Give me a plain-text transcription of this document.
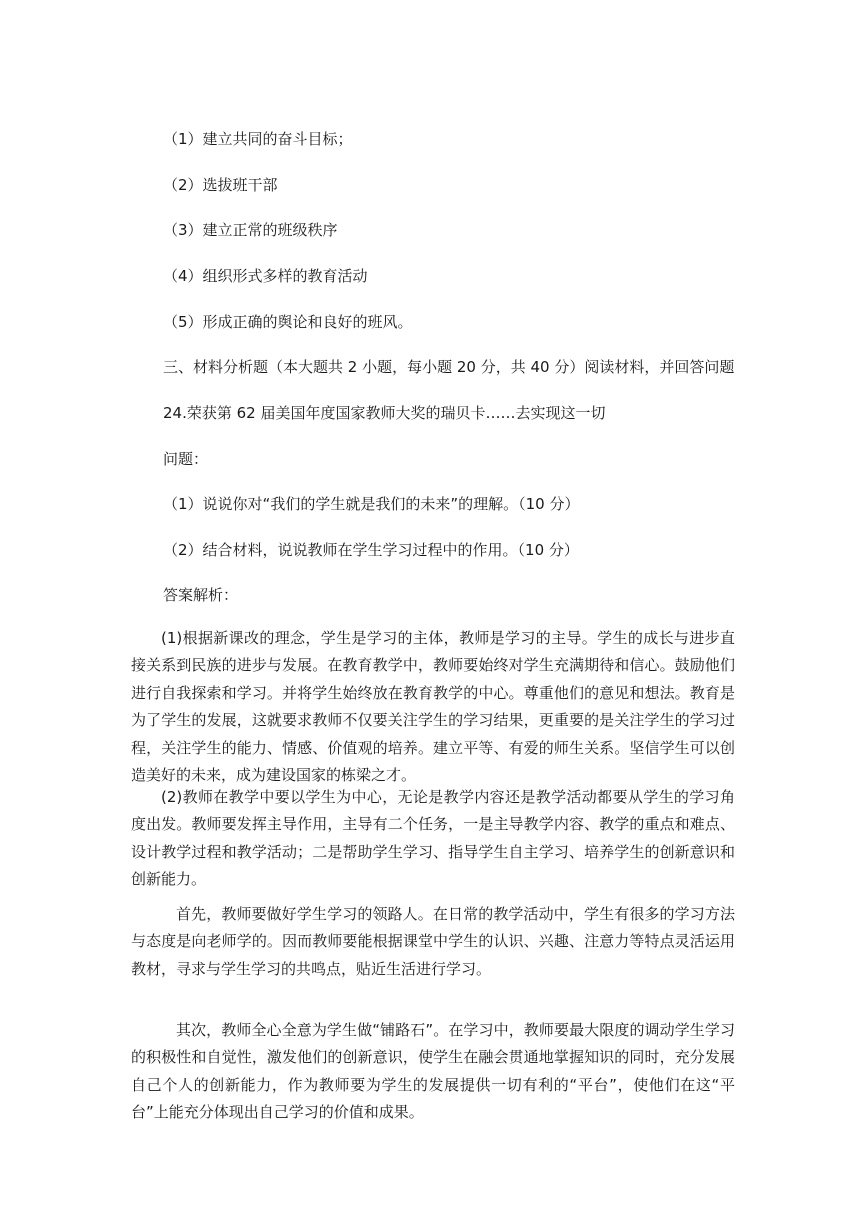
（1）建立共同的奋斗目标；
（2）选拔班干部
（3）建立正常的班级秩序
（4）组织形式多样的教育活动
（5）形成正确的舆论和良好的班风。
三、材料分析题（本大题共 2 小题，每小题 20 分，共 40 分）阅读材料，并回答问题
24.荣获第 62 届美国年度国家教师大奖的瑞贝卡……去实现这一切
问题：
（1）说说你对“我们的学生就是我们的未来”的理解。（10 分）
（2）结合材料，说说教师在学生学习过程中的作用。（10 分）
答案解析：
(1)根据新课改的理念，学生是学习的主体，教师是学习的主导。学生的成长与进步直接关系到民族的进步与发展。在教育教学中，教师要始终对学生充满期待和信心。鼓励他们进行自我探索和学习。并将学生始终放在教育教学的中心。尊重他们的意见和想法。教育是为了学生的发展，这就要求教师不仅要关注学生的学习结果，更重要的是关注学生的学习过程，关注学生的能力、情感、价值观的培养。建立平等、有爱的师生关系。坚信学生可以创造美好的未来，成为建设国家的栋梁之才。
(2)教师在教学中要以学生为中心，无论是教学内容还是教学活动都要从学生的学习角度出发。教师要发挥主导作用，主导有二个任务，一是主导教学内容、教学的重点和难点、设计教学过程和教学活动；二是帮助学生学习、指导学生自主学习、培养学生的创新意识和创新能力。
首先，教师要做好学生学习的领路人。在日常的教学活动中，学生有很多的学习方法与态度是向老师学的。因而教师要能根据课堂中学生的认识、兴趣、注意力等特点灵活运用教材，寻求与学生学习的共鸣点，贴近生活进行学习。
其次，教师全心全意为学生做“铺路石”。在学习中，教师要最大限度的调动学生学习的积极性和自觉性，激发他们的创新意识，使学生在融会贯通地掌握知识的同时，充分发展自己个人的创新能力，作为教师要为学生的发展提供一切有利的“平台”，使他们在这“平台”上能充分体现出自己学习的价值和成果。
